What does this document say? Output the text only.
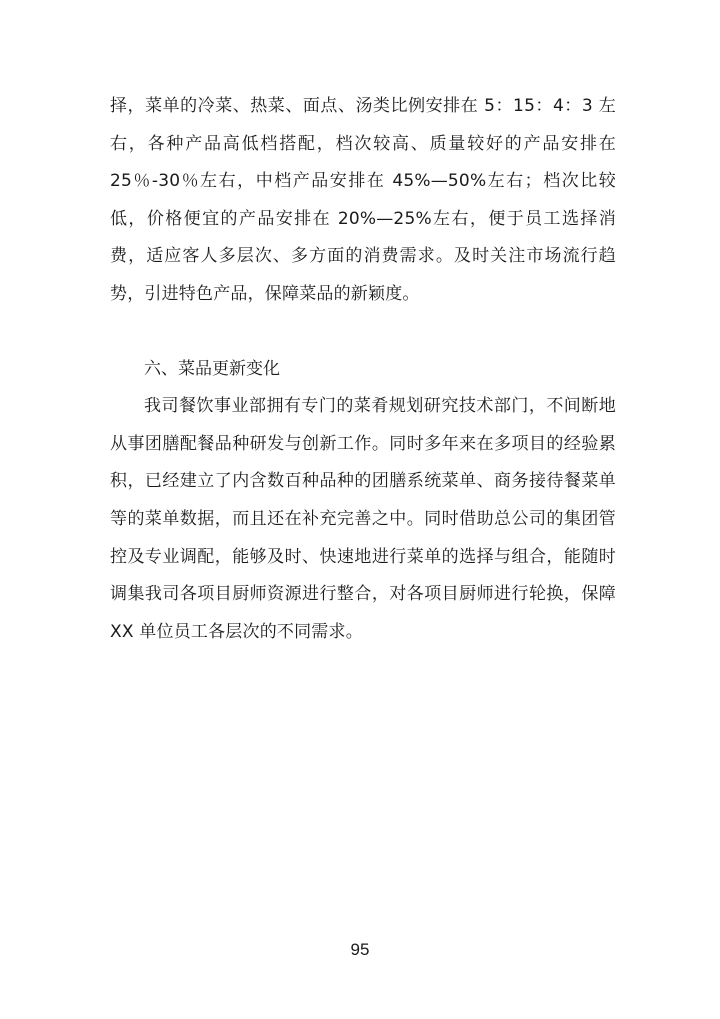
择，菜单的冷菜、热菜、面点、汤类比例安排在 5：15：4：3 左右，各种产品高低档搭配，档次较高、质量较好的产品安排在 25％-30％左右，中档产品安排在 45%—50%左右；档次比较低，价格便宜的产品安排在 20%—25%左右，便于员工选择消费，适应客人多层次、多方面的消费需求。及时关注市场流行趋势，引进特色产品，保障菜品的新颖度。

六、菜品更新变化

我司餐饮事业部拥有专门的菜肴规划研究技术部门，不间断地从事团膳配餐品种研发与创新工作。同时多年来在多项目的经验累积，已经建立了内含数百种品种的团膳系统菜单、商务接待餐菜单等的菜单数据，而且还在补充完善之中。同时借助总公司的集团管控及专业调配，能够及时、快速地进行菜单的选择与组合，能随时调集我司各项目厨师资源进行整合，对各项目厨师进行轮换，保障 XX 单位员工各层次的不同需求。

95
